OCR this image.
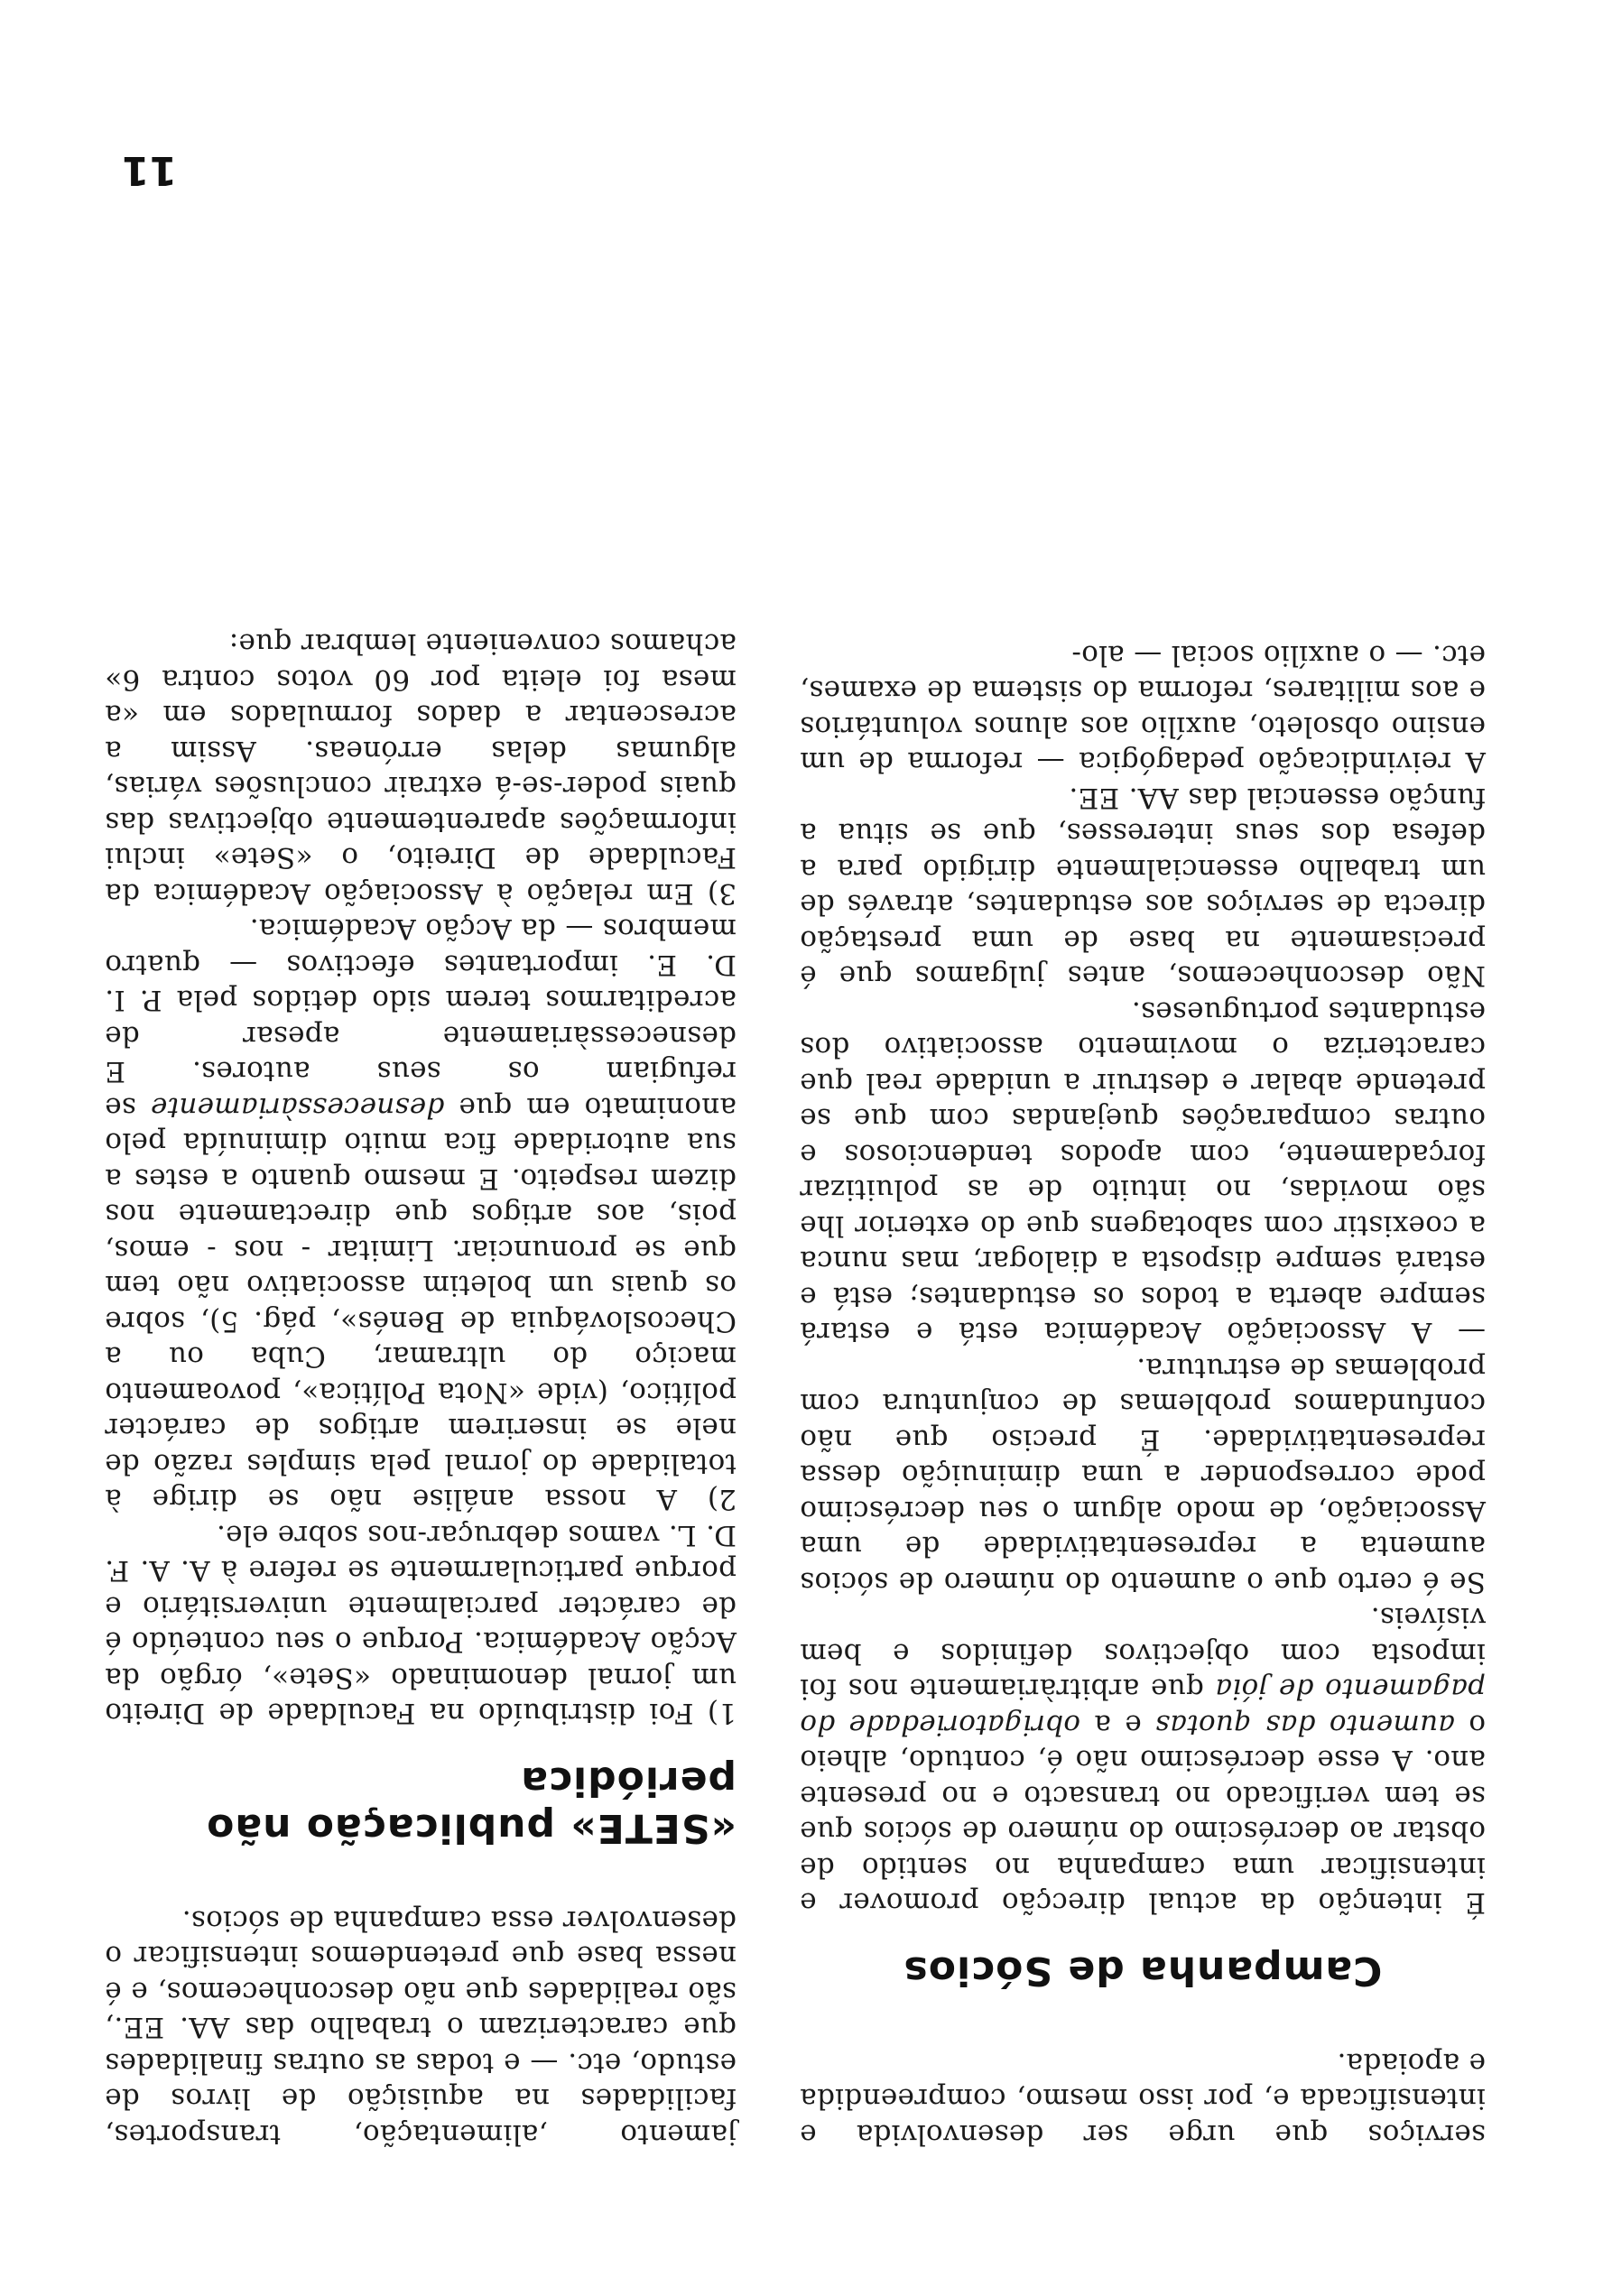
serviços que urge ser desenvolvida e intensificada e, por isso mesmo, compreendida e apoiada.

Campanha de Sócios

É intenção da actual direcção promover e intensificar uma campanha no sentido de obstar ao decréscimo do número de sócios que se tem verificado no transacto e no presente ano. A esse decréscimo não é, contudo, alheio o aumento das quotas e a obrigatoriedade do pagamento de jóia que arbitràriamente nos foi imposta com objectivos definidos e bem visíveis.

Se é certo que o aumento do número de sócios aumenta a representatividade de uma Associação, de modo algum o seu decréscimo pode corresponder a uma diminuição dessa representatividade. É preciso que não confundamos problemas de conjuntura com problemas de estrutura.

— A Associação Académica está e estará sempre aberta a todos os estudantes; está e estará sempre disposta a dialogar, mas nunca a coexistir com sabotagens que do exterior lhe são movidas, no intuito de as poluitizar forçadamente, com apodos tendenciosos e outras comparações quejandas com que se pretende abalar e destruir a unidade real que caracteriza o movimento associativo dos estudantes portugueses.

Não desconhecemos, antes julgamos que é precisamente na base de uma prestação directa de serviços aos estudantes, através de um trabalho essencialmente dirigido para a defesa dos seus interesses, que se situa a função essencial das AA. EE.

A reivindicação pedagógica — reforma de um ensino obsoleto, auxílio aos alunos voluntários e aos militares, reforma do sistema de exames, etc. — o auxílio social — alo-

jamento ,alimentação, transportes, facilidades na aquisição de livros de estudo, etc. — e todas as outras finalidades que caracterizam o trabalho das AA. EE., são realidades que não desconhecemos, e é nessa base que pretendemos intensificar o desenvolver essa campanha de sócios.

«SETE» publicação não periódica

1) Foi distribuído na Faculdade de Direito um jornal denominado «Sete», órgão da Acção Académica. Porque o seu conteúdo é de carácter parcialmente universitário e porque particularmente se refere à A. A. F. D. L. vamos debruçar-nos sobre ele.

2) A nossa análise não se dirige à totalidade do jornal pela simples razão de nele se inserirem artigos de carácter político, (vide «Nota Política», povoamento maciço do ultramar, Cuba ou a Checoslováquia de Benés», pág. 5), sobre os quais um boletim associativo não tem que se pronunciar. Limitar - nos - emos, pois, aos artigos que directamente nos dizem respeito. E mesmo quanto a estes a sua autoridade fica muito diminuída pelo anonimato em que desnecessàriamente se refugiam os seus autores. E desnecessàriamente apesar de acreditarmos terem sido detidos pela P. I. D. E. importantes efectivos — quatro membros — da Acção Académica.

3) Em relação à Associação Académica da Faculdade de Direito, o «Sete» inclui informações aparentemente objectivas das quais poder-se-á extrair conclusões várias, algumas delas erróneas. Assim a acrescentar a dados formulados em «a mesa foi eleita por 60 votos contra 6» achamos conveniente lembrar que:

11
